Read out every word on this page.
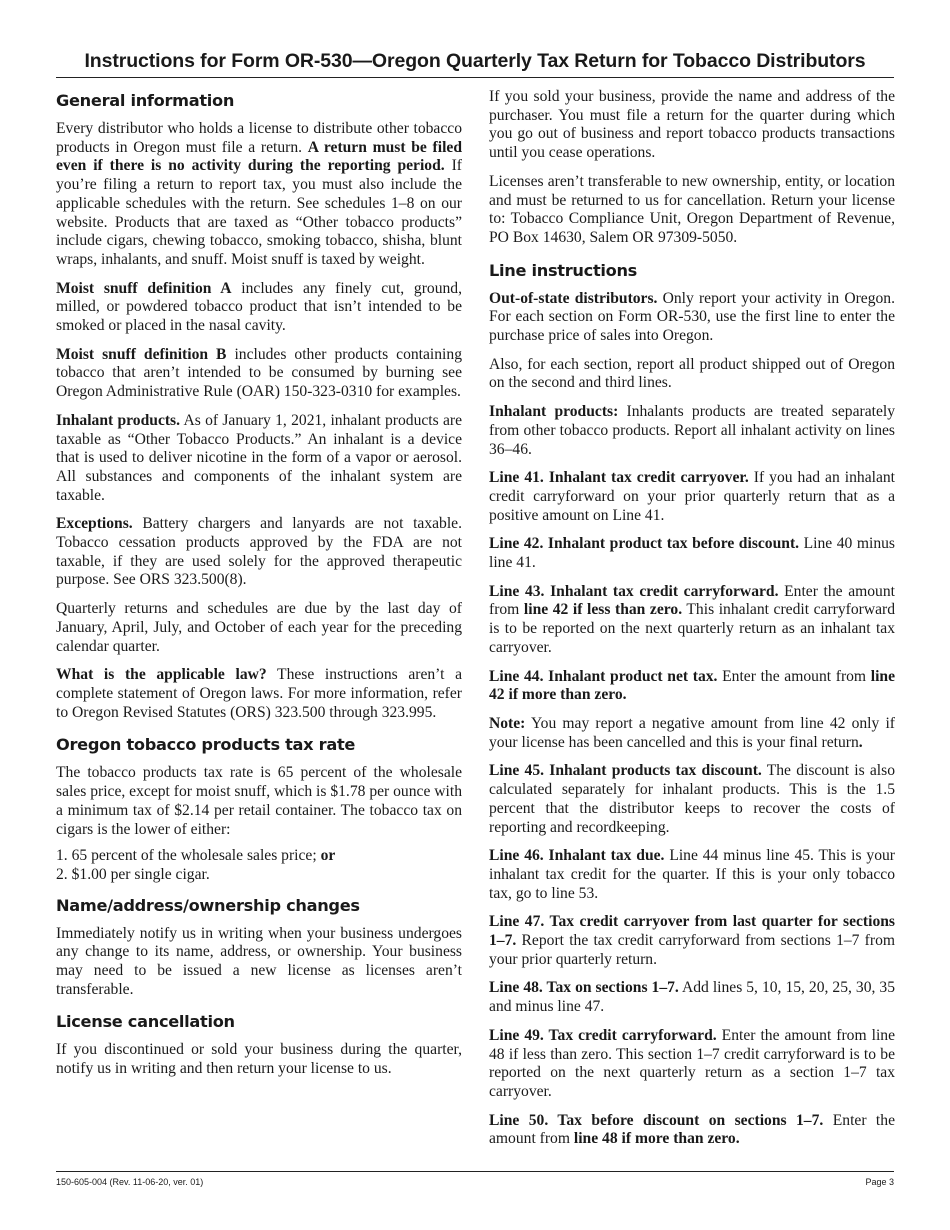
Instructions for Form OR-530—Oregon Quarterly Tax Return for Tobacco Distributors
General information

Every distributor who holds a license to distribute other tobacco products in Oregon must file a return. A return must be filed even if there is no activity during the reporting period. If you’re filing a return to report tax, you must also include the applicable schedules with the return. See schedules 1–8 on our website. Products that are taxed as “Other tobacco products” include cigars, chewing tobacco, smoking tobacco, shisha, blunt wraps, inhalants, and snuff. Moist snuff is taxed by weight.

Moist snuff definition A includes any finely cut, ground, milled, or powdered tobacco product that isn’t intended to be smoked or placed in the nasal cavity.

Moist snuff definition B includes other products containing tobacco that aren’t intended to be consumed by burning see Oregon Administrative Rule (OAR) 150-323-0310 for examples.

Inhalant products. As of January 1, 2021, inhalant products are taxable as “Other Tobacco Products.” An inhalant is a device that is used to deliver nicotine in the form of a vapor or aerosol. All substances and components of the inhalant system are taxable.

Exceptions. Battery chargers and lanyards are not taxable. Tobacco cessation products approved by the FDA are not taxable, if they are used solely for the approved therapeutic purpose. See ORS 323.500(8).

Quarterly returns and schedules are due by the last day of January, April, July, and October of each year for the preceding calendar quarter.

What is the applicable law? These instructions aren’t a complete statement of Oregon laws. For more information, refer to Oregon Revised Statutes (ORS) 323.500 through 323.995.

Oregon tobacco products tax rate

The tobacco products tax rate is 65 percent of the wholesale sales price, except for moist snuff, which is $1.78 per ounce with a minimum tax of $2.14 per retail container. The tobacco tax on cigars is the lower of either:

1. 65 percent of the wholesale sales price; or
2. $1.00 per single cigar.
Name/address/ownership changes

Immediately notify us in writing when your business undergoes any change to its name, address, or ownership. Your business may need to be issued a new license as licenses aren’t transferable.

License cancellation

If you discontinued or sold your business during the quarter, notify us in writing and then return your license to us.

If you sold your business, provide the name and address of the purchaser. You must file a return for the quarter during which you go out of business and report tobacco products transactions until you cease operations.

Licenses aren’t transferable to new ownership, entity, or location and must be returned to us for cancellation. Return your license to: Tobacco Compliance Unit, Oregon Department of Revenue, PO Box 14630, Salem OR 97309-5050.

Line instructions

Out-of-state distributors. Only report your activity in Oregon. For each section on Form OR-530, use the first line to enter the purchase price of sales into Oregon.

Also, for each section, report all product shipped out of Oregon on the second and third lines.

Inhalant products: Inhalants products are treated separately from other tobacco products. Report all inhalant activity on lines 36–46.

Line 41. Inhalant tax credit carryover. If you had an inhalant credit carryforward on your prior quarterly return that as a positive amount on Line 41.

Line 42. Inhalant product tax before discount. Line 40 minus line 41.

Line 43. Inhalant tax credit carryforward. Enter the amount from line 42 if less than zero. This inhalant credit carryforward is to be reported on the next quarterly return as an inhalant tax carryover.

Line 44. Inhalant product net tax. Enter the amount from line 42 if more than zero.

Note: You may report a negative amount from line 42 only if your license has been cancelled and this is your final return.

Line 45. Inhalant products tax discount. The discount is also calculated separately for inhalant products. This is the 1.5 percent that the distributor keeps to recover the costs of reporting and recordkeeping.

Line 46. Inhalant tax due. Line 44 minus line 45. This is your inhalant tax credit for the quarter. If this is your only tobacco tax, go to line 53.

Line 47. Tax credit carryover from last quarter for sections 1–7. Report the tax credit carryforward from sections 1–7 from your prior quarterly return.

Line 48. Tax on sections 1–7. Add lines 5, 10, 15, 20, 25, 30, 35 and minus line 47.

Line 49. Tax credit carryforward. Enter the amount from line 48 if less than zero. This section 1–7 credit carryforward is to be reported on the next quarterly return as a section 1–7 tax carryover.

Line 50. Tax before discount on sections 1–7. Enter the amount from line 48 if more than zero.

150-605-004 (Rev. 11-06-20, ver. 01)	Page 3
